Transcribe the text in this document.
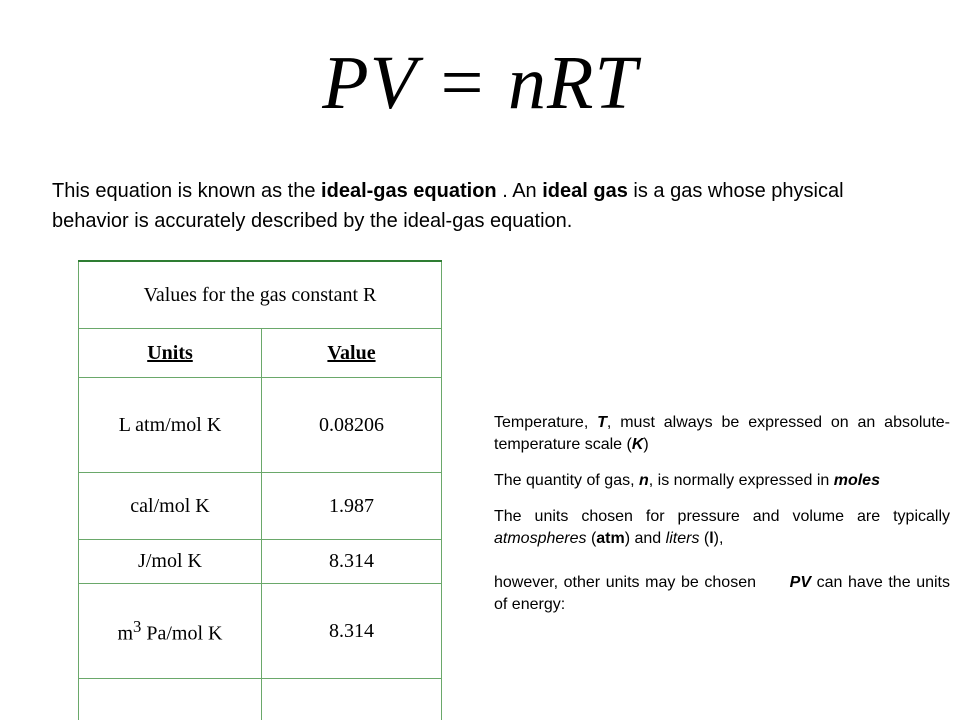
PV = nRT
This equation is known as the ideal-gas equation . An ideal gas is a gas whose physical behavior is accurately described by the ideal-gas equation.
Values for the gas constant R	
Units	Value
L atm/mol K	0.08206
cal/mol K	1.987
J/mol K	8.314
$m^3$ Pa/mol K	8.314

Temperature, T, must always be expressed on an absolute-temperature scale (K)

The quantity of gas, n, is normally expressed in moles

The units chosen for pressure and volume are typically atmospheres (atm) and liters (l),

however, other units may be chosen      PV can have the units of energy:
